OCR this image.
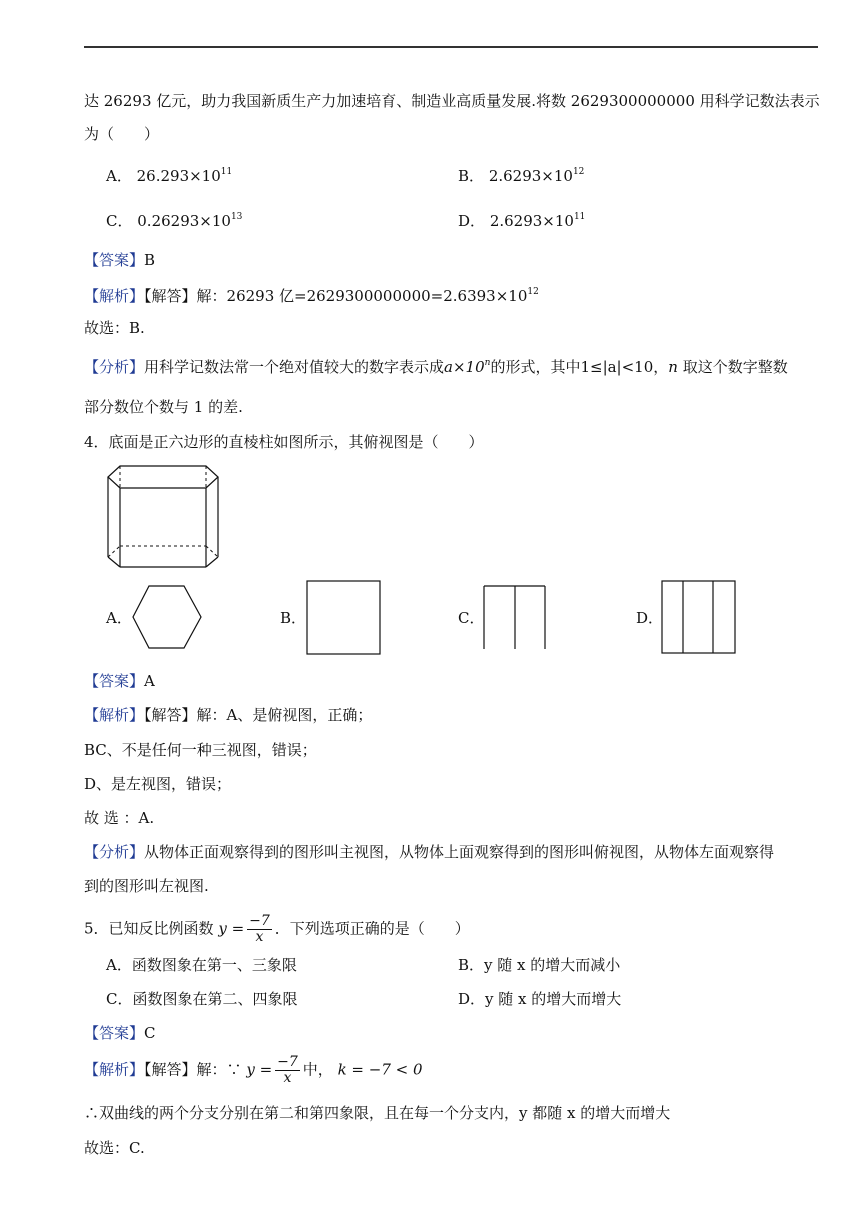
达 26293 亿元，助力我国新质生产力加速培育、制造业高质量发展.将数 2629300000000 用科学记数法表示
为（　　）
A． $26.293\times 10^{11}$	B． $2.6293\times 10^{12}$
C． $0.26293\times 10^{13}$	D． $2.6293\times 10^{11}$
【答案】B
【解析】【解答】解：26293 亿$=2629300000000=2.6393\times 10^{12}$
故选：B.
【分析】用科学记数法常一个绝对值较大的数字表示成$a\times 10^n$的形式，其中1≤|a|<10，n 取这个数字整数
部分数位个数与 1 的差.
4．底面是正六边形的直棱柱如图所示，其俯视图是（　　）
A．	B．	C．	D．
【答案】A
【解析】【解答】解：A、是俯视图，正确；
BC、不是任何一种三视图，错误；
D、是左视图，错误；
故 选 ：A.
【分析】从物体正面观察得到的图形叫主视图，从物体上面观察得到的图形叫俯视图，从物体左面观察得
到的图形叫左视图.
5．已知反比例函数 $y = \frac{-7}{x}$ ．下列选项正确的是（　　）
A．函数图象在第一、三象限	B．y 随 x 的增大而减小
C．函数图象在第二、四象限	D．y 随 x 的增大而增大
【答案】C
【解析】【解答】解：∵ $y = \frac{-7}{x}$ 中， k = −7 < 0
∴双曲线的两个分支分别在第二和第四象限，且在每一个分支内，y 都随 x 的增大而增大
故选：C.
